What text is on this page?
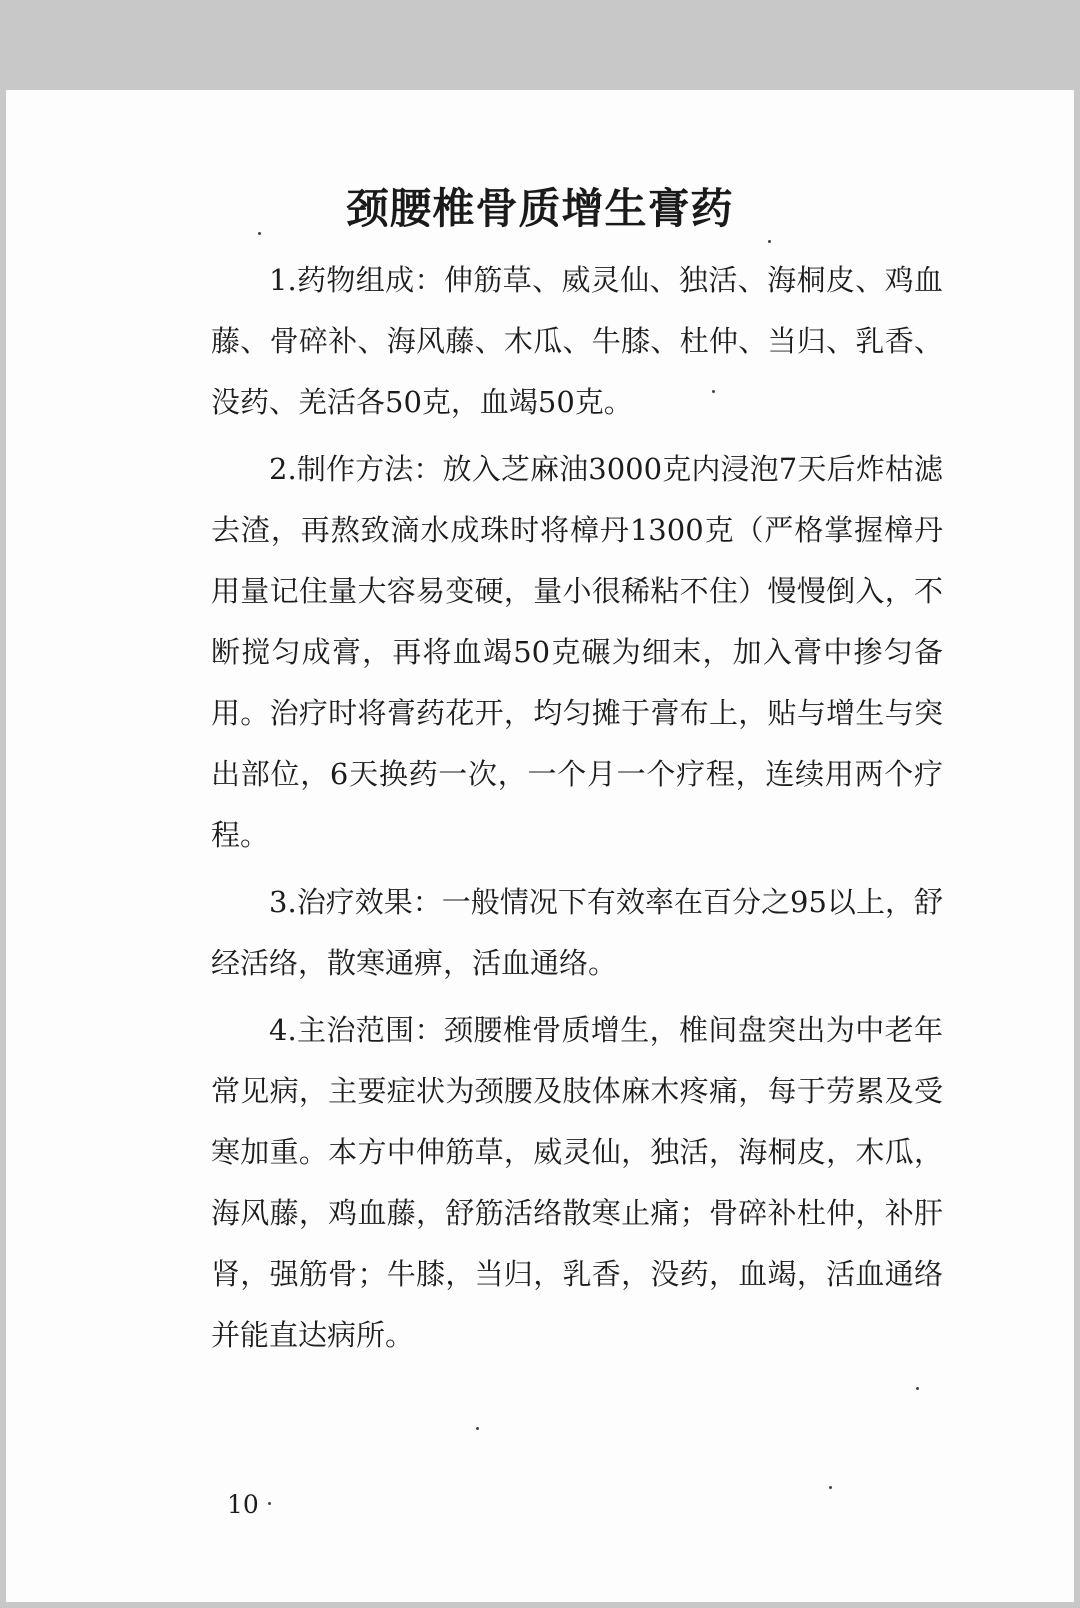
颈腰椎骨质增生膏药

1.药物组成：伸筋草、威灵仙、独活、海桐皮、鸡血藤、骨碎补、海风藤、木瓜、牛膝、杜仲、当归、乳香、没药、羌活各50克，血竭50克。

2.制作方法：放入芝麻油3000克内浸泡7天后炸枯滤去渣，再熬致滴水成珠时将樟丹1300克（严格掌握樟丹用量记住量大容易变硬，量小很稀粘不住）慢慢倒入，不断搅匀成膏，再将血竭50克碾为细末，加入膏中掺匀备用。治疗时将膏药花开，均匀摊于膏布上，贴与增生与突出部位，6天换药一次，一个月一个疗程，连续用两个疗程。

3.治疗效果：一般情况下有效率在百分之95以上，舒经活络，散寒通痹，活血通络。

4.主治范围：颈腰椎骨质增生，椎间盘突出为中老年常见病，主要症状为颈腰及肢体麻木疼痛，每于劳累及受寒加重。本方中伸筋草，威灵仙，独活，海桐皮，木瓜，海风藤，鸡血藤，舒筋活络散寒止痛；骨碎补杜仲，补肝肾，强筋骨；牛膝，当归，乳香，没药，血竭，活血通络并能直达病所。

10
